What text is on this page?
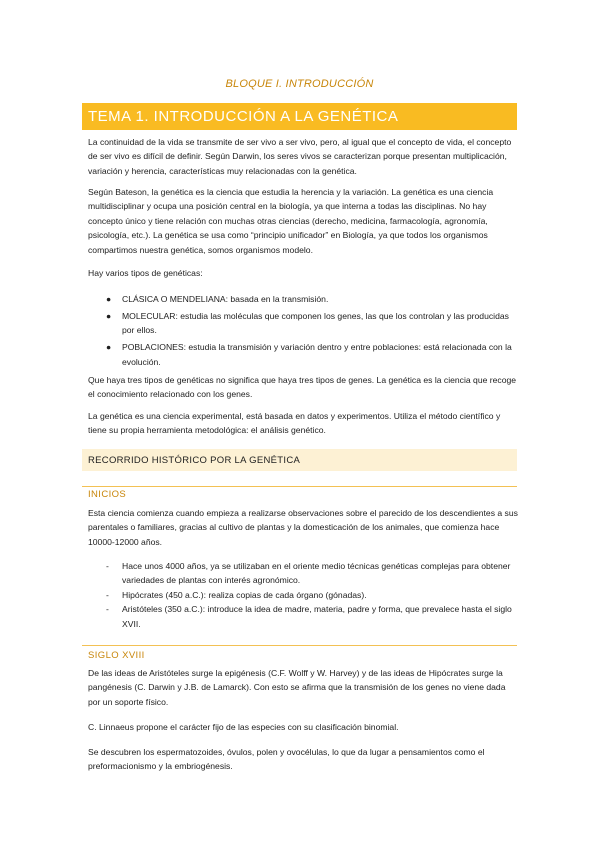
BLOQUE I. INTRODUCCIÓN
TEMA 1. INTRODUCCIÓN A LA GENÉTICA

La continuidad de la vida se transmite de ser vivo a ser vivo, pero, al igual que el concepto de vida, el concepto de ser vivo es difícil de definir. Según Darwin, los seres vivos se caracterizan porque presentan multiplicación, variación y herencia, características muy relacionadas con la genética.

Según Bateson, la genética es la ciencia que estudia la herencia y la variación. La genética es una ciencia multidisciplinar y ocupa una posición central en la biología, ya que interna a todas las disciplinas. No hay concepto único y tiene relación con muchas otras ciencias (derecho, medicina, farmacología, agronomía, psicología, etc.). La genética se usa como “principio unificador” en Biología, ya que todos los organismos compartimos nuestra genética, somos organismos modelo.

Hay varios tipos de genéticas:

● CLÁSICA O MENDELIANA: basada en la transmisión.
● MOLECULAR: estudia las moléculas que componen los genes, las que los controlan y las producidas por ellos.
● POBLACIONES: estudia la transmisión y variación dentro y entre poblaciones: está relacionada con la evolución.

Que haya tres tipos de genéticas no significa que haya tres tipos de genes. La genética es la ciencia que recoge el conocimiento relacionado con los genes.

La genética es una ciencia experimental, está basada en datos y experimentos. Utiliza el método científico y tiene su propia herramienta metodológica: el análisis genético.

RECORRIDO HISTÓRICO POR LA GENÉTICA
INICIOS

Esta ciencia comienza cuando empieza a realizarse observaciones sobre el parecido de los descendientes a sus parentales o familiares, gracias al cultivo de plantas y la domesticación de los animales, que comienza hace 10000-12000 años.

- Hace unos 4000 años, ya se utilizaban en el oriente medio técnicas genéticas complejas para obtener variedades de plantas con interés agronómico.
- Hipócrates (450 a.C.): realiza copias de cada órgano (gónadas).
- Aristóteles (350 a.C.): introduce la idea de madre, materia, padre y forma, que prevalece hasta el siglo XVII.
SIGLO XVIII

De las ideas de Aristóteles surge la epigénesis (C.F. Wolff y W. Harvey) y de las ideas de Hipócrates surge la pangénesis (C. Darwin y J.B. de Lamarck). Con esto se afirma que la transmisión de los genes no viene dada por un soporte físico.

C. Linnaeus propone el carácter fijo de las especies con su clasificación binomial.

Se descubren los espermatozoides, óvulos, polen y ovocélulas, lo que da lugar a pensamientos como el preformacionismo y la embriogénesis.
